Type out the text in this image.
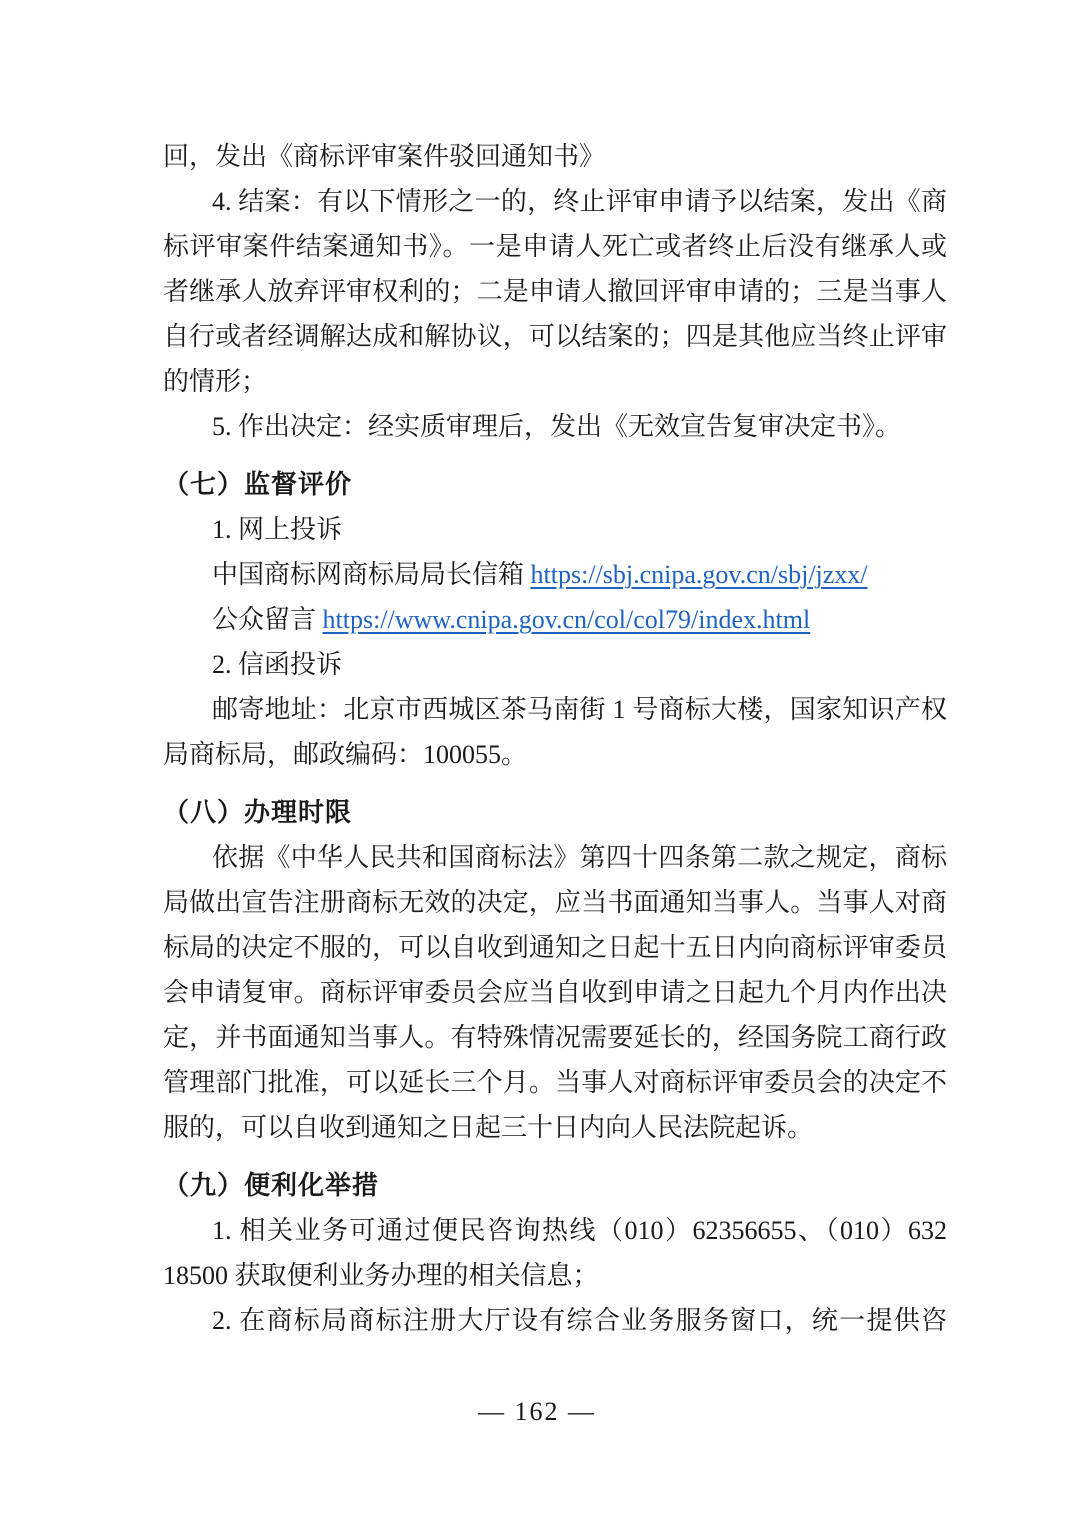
回，发出《商标评审案件驳回通知书》
4. 结案：有以下情形之一的，终止评审申请予以结案，发出《商
标评审案件结案通知书》。一是申请人死亡或者终止后没有继承人或
者继承人放弃评审权利的；二是申请人撤回评审申请的；三是当事人
自行或者经调解达成和解协议，可以结案的；四是其他应当终止评审
的情形；
5. 作出决定：经实质审理后，发出《无效宣告复审决定书》。
（七）监督评价
1. 网上投诉
中国商标网商标局局长信箱 https://sbj.cnipa.gov.cn/sbj/jzxx/
公众留言 https://www.cnipa.gov.cn/col/col79/index.html
2. 信函投诉
邮寄地址：北京市西城区茶马南街 1 号商标大楼，国家知识产权
局商标局，邮政编码：100055。
（八）办理时限
依据《中华人民共和国商标法》第四十四条第二款之规定，商标
局做出宣告注册商标无效的决定，应当书面通知当事人。当事人对商
标局的决定不服的，可以自收到通知之日起十五日内向商标评审委员
会申请复审。商标评审委员会应当自收到申请之日起九个月内作出决
定，并书面通知当事人。有特殊情况需要延长的，经国务院工商行政
管理部门批准，可以延长三个月。当事人对商标评审委员会的决定不
服的，可以自收到通知之日起三十日内向人民法院起诉。
（九）便利化举措
1. 相关业务可通过便民咨询热线（010）62356655、（010）632
18500 获取便利业务办理的相关信息；
2. 在商标局商标注册大厅设有综合业务服务窗口，统一提供咨
— 162 —
